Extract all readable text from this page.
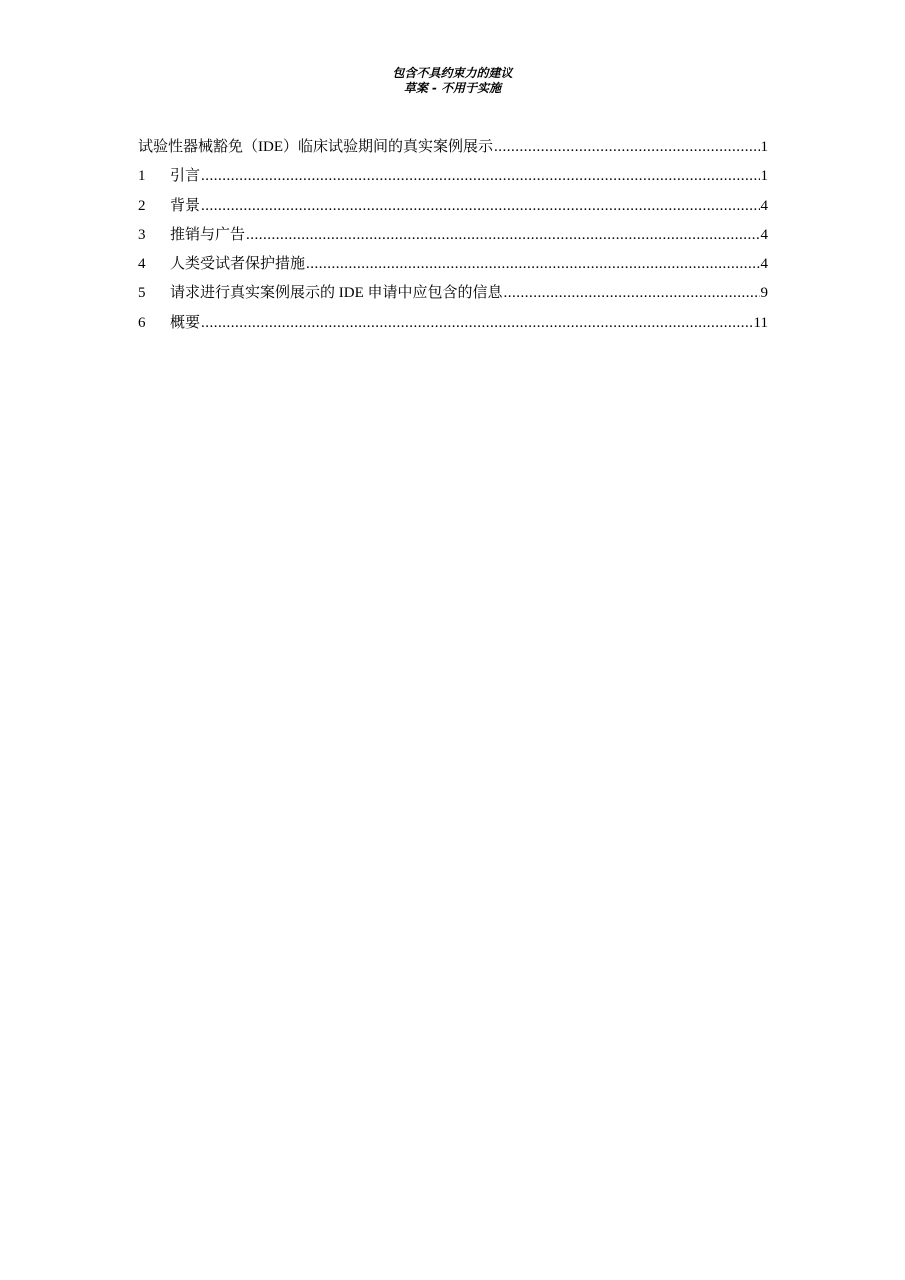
包含不具约束力的建议
草案 - 不用于实施
试验性器械豁免（IDE）临床试验期间的真实案例展示 .....	1
1	引言 .....	1
2	背景 .....	4
3	推销与广告 .....	4
4	人类受试者保护措施 .....	4
5	请求进行真实案例展示的 IDE 申请中应包含的信息 .....	9
6	概要 .....	11
